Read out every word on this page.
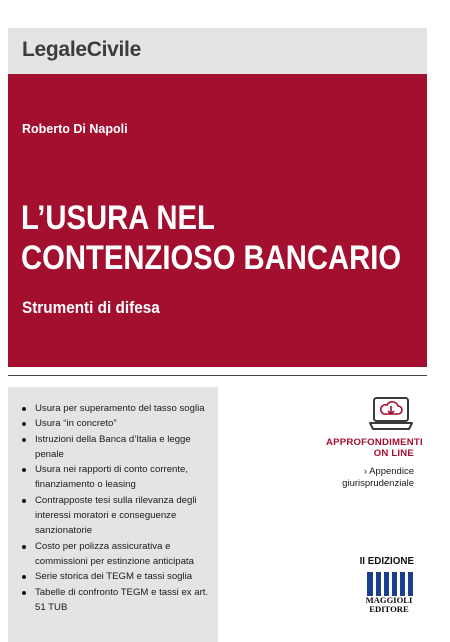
LegaleCivile
Roberto Di Napoli
L’USURA NEL
CONTENZIOSO BANCARIO
Strumenti di difesa
Usura per superamento del tasso soglia
Usura “in concreto”
Istruzioni della Banca d’Italia e legge penale
Usura nei rapporti di conto corrente, finanziamento o leasing
Contrapposte tesi sulla rilevanza degli interessi moratori e conseguenze sanzionatorie
Costo per polizza assicurativa e commissioni per estinzione anticipata
Serie storica dei TEGM e tassi soglia
Tabelle di confronto TEGM e tassi ex art. 51 TUB
APPROFONDIMENTI
ON LINE
› Appendice
giurisprudenziale
II EDIZIONE
MAGGIOLI
EDITORE
